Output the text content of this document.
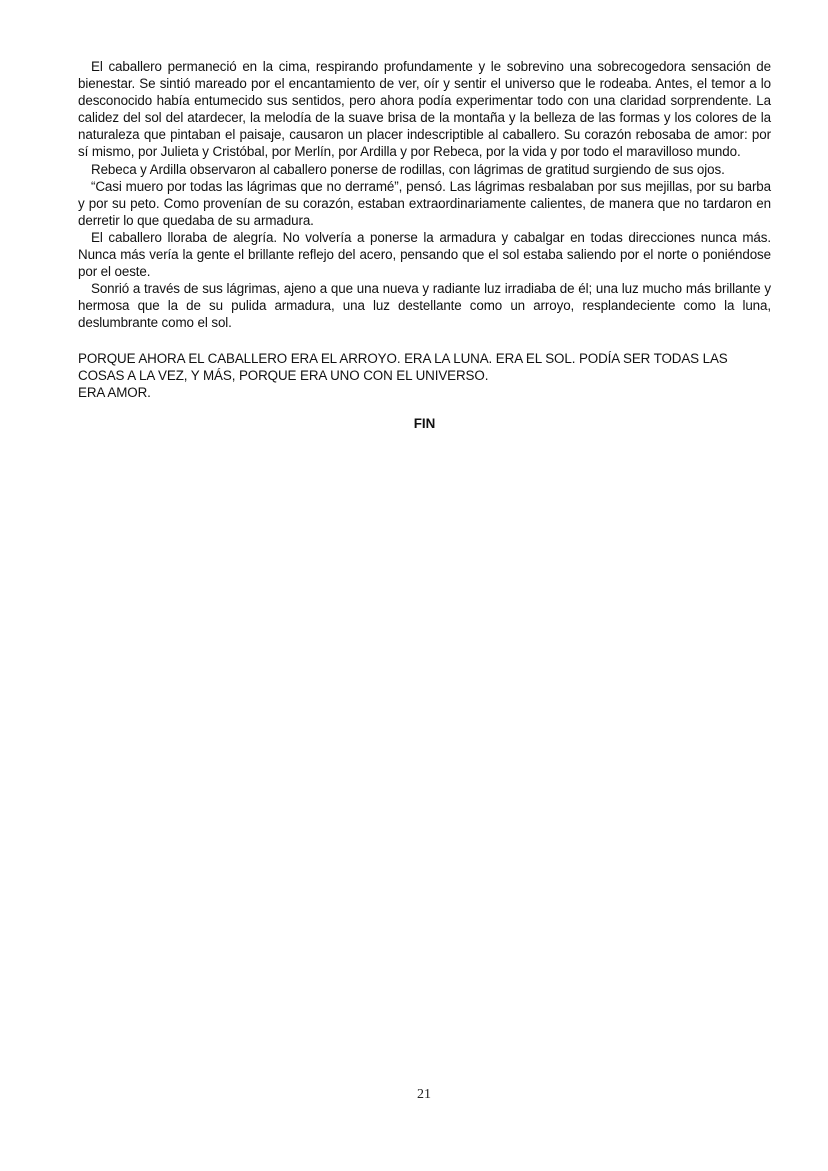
El caballero permaneció en la cima, respirando profundamente y le sobrevino una sobrecogedora sensación de bienestar. Se sintió mareado por el encantamiento de ver, oír y sentir el universo que le rodeaba. Antes, el temor a lo desconocido había entumecido sus sentidos, pero ahora podía experimentar todo con una claridad sorprendente. La calidez del sol del atardecer, la melodía de la suave brisa de la montaña y la belleza de las formas y los colores de la naturaleza que pintaban el paisaje, causaron un placer indescriptible al caballero. Su corazón rebosaba de amor: por sí mismo, por Julieta y Cristóbal, por Merlín, por Ardilla y por Rebeca, por la vida y por todo el maravilloso mundo.

Rebeca y Ardilla observaron al caballero ponerse de rodillas, con lágrimas de gratitud surgiendo de sus ojos.

“Casi muero por todas las lágrimas que no derramé”, pensó. Las lágrimas resbalaban por sus mejillas, por su barba y por su peto. Como provenían de su corazón, estaban extraordinariamente calientes, de manera que no tardaron en derretir lo que quedaba de su armadura.

El caballero lloraba de alegría. No volvería a ponerse la armadura y cabalgar en todas direcciones nunca más. Nunca más vería la gente el brillante reflejo del acero, pensando que el sol estaba saliendo por el norte o poniéndose por el oeste.

Sonrió a través de sus lágrimas, ajeno a que una nueva y radiante luz irradiaba de él; una luz mucho más brillante y hermosa que la de su pulida armadura, una luz destellante como un arroyo, resplandeciente como la luna, deslumbrante como el sol.

PORQUE AHORA EL CABALLERO ERA EL ARROYO. ERA LA LUNA. ERA EL SOL. PODÍA SER TODAS LAS COSAS A LA VEZ, Y MÁS, PORQUE ERA UNO CON EL UNIVERSO.
ERA AMOR.
FIN
21
